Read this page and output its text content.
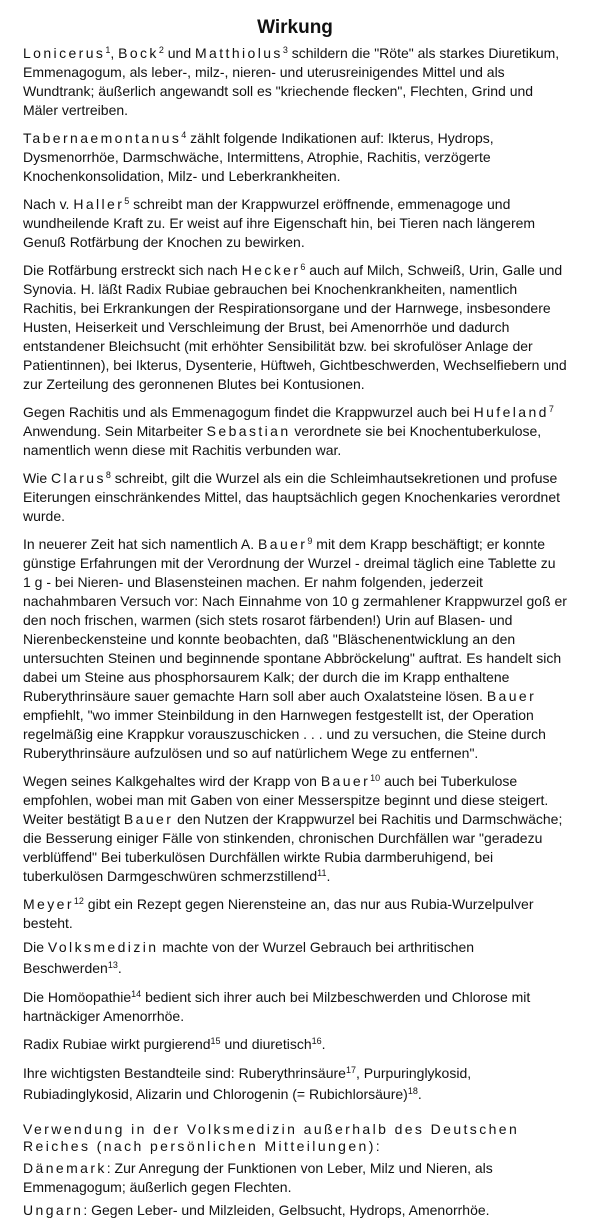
Wirkung

Lonicerus$^1$, Bock$^2$ und Matthiolus$^3$ schildern die "Röte" als starkes Diuretikum, Emmenagogum, als leber-, milz-, nieren- und uterusreinigendes Mittel und als Wundtrank; äußerlich angewandt soll es "kriechende flecken", Flechten, Grind und Mäler vertreiben.

Tabernaemontanus$^4$ zählt folgende Indikationen auf: Ikterus, Hydrops, Dysmenorrhöe, Darmschwäche, Intermittens, Atrophie, Rachitis, verzögerte Knochenkonsolidation, Milz- und Leberkrankheiten.

Nach v. Haller$^5$ schreibt man der Krappwurzel eröffnende, emmenagoge und wundheilende Kraft zu. Er weist auf ihre Eigenschaft hin, bei Tieren nach längerem Genuß Rotfärbung der Knochen zu bewirken.

Die Rotfärbung erstreckt sich nach Hecker$^6$ auch auf Milch, Schweiß, Urin, Galle und Synovia. H. läßt Radix Rubiae gebrauchen bei Knochenkrankheiten, namentlich Rachitis, bei Erkrankungen der Respirationsorgane und der Harnwege, insbesondere Husten, Heiserkeit und Verschleimung der Brust, bei Amenorrhöe und dadurch entstandener Bleichsucht (mit erhöhter Sensibilität bzw. bei skrofulöser Anlage der Patientinnen), bei Ikterus, Dysenterie, Hüftweh, Gichtbeschwerden, Wechselfiebern und zur Zerteilung des geronnenen Blutes bei Kontusionen.

Gegen Rachitis und als Emmenagogum findet die Krappwurzel auch bei Hufeland$^7$ Anwendung. Sein Mitarbeiter Sebastian verordnete sie bei Knochentuberkulose, namentlich wenn diese mit Rachitis verbunden war.

Wie Clarus$^8$ schreibt, gilt die Wurzel als ein die Schleimhautsekretionen und profuse Eiterungen einschränkendes Mittel, das hauptsächlich gegen Knochenkaries verordnet wurde.

In neuerer Zeit hat sich namentlich A. Bauer$^9$ mit dem Krapp beschäftigt; er konnte günstige Erfahrungen mit der Verordnung der Wurzel - dreimal täglich eine Tablette zu 1 g - bei Nieren- und Blasensteinen machen. Er nahm folgenden, jederzeit nachahmbaren Versuch vor: Nach Einnahme von 10 g zermahlener Krappwurzel goß er den noch frischen, warmen (sich stets rosarot färbenden!) Urin auf Blasen- und Nierenbeckensteine und konnte beobachten, daß "Bläschenentwicklung an den untersuchten Steinen und beginnende spontane Abbröckelung" auftrat. Es handelt sich dabei um Steine aus phosphorsaurem Kalk; der durch die im Krapp enthaltene Ruberythrinsäure sauer gemachte Harn soll aber auch Oxalatsteine lösen. Bauer empfiehlt, "wo immer Steinbildung in den Harnwegen festgestellt ist, der Operation regelmäßig eine Krappkur vorauszuschicken . . . und zu versuchen, die Steine durch Ruberythrinsäure aufzulösen und so auf natürlichem Wege zu entfernen".

Wegen seines Kalkgehaltes wird der Krapp von Bauer$^{10}$ auch bei Tuberkulose empfohlen, wobei man mit Gaben von einer Messerspitze beginnt und diese steigert. Weiter bestätigt Bauer den Nutzen der Krappwurzel bei Rachitis und Darmschwäche; die Besserung einiger Fälle von stinkenden, chronischen Durchfällen war "geradezu verblüffend" Bei tuberkulösen Durchfällen wirkte Rubia darmberuhigend, bei tuberkulösen Darmgeschwüren schmerzstillend$^{11}$.

Meyer$^{12}$ gibt ein Rezept gegen Nierensteine an, das nur aus Rubia-Wurzelpulver besteht.

Die Volksmedizin machte von der Wurzel Gebrauch bei arthritischen Beschwerden$^{13}$.

Die Homöopathie$^{14}$ bedient sich ihrer auch bei Milzbeschwerden und Chlorose mit hartnäckiger Amenorrhöe.

Radix Rubiae wirkt purgierend$^{15}$ und diuretisch$^{16}$.

Ihre wichtigsten Bestandteile sind: Ruberythrinsäure$^{17}$, Purpuringlykosid, Rubiadinglykosid, Alizarin und Chlorogenin (= Rubichlorsäure)$^{18}$.

Verwendung in der Volksmedizin außerhalb des Deutschen Reiches (nach persönlichen Mitteilungen):

Dänemark: Zur Anregung der Funktionen von Leber, Milz und Nieren, als Emmenagogum; äußerlich gegen Flechten.

Ungarn: Gegen Leber- und Milzleiden, Gelbsucht, Hydrops, Amenorrhöe.
